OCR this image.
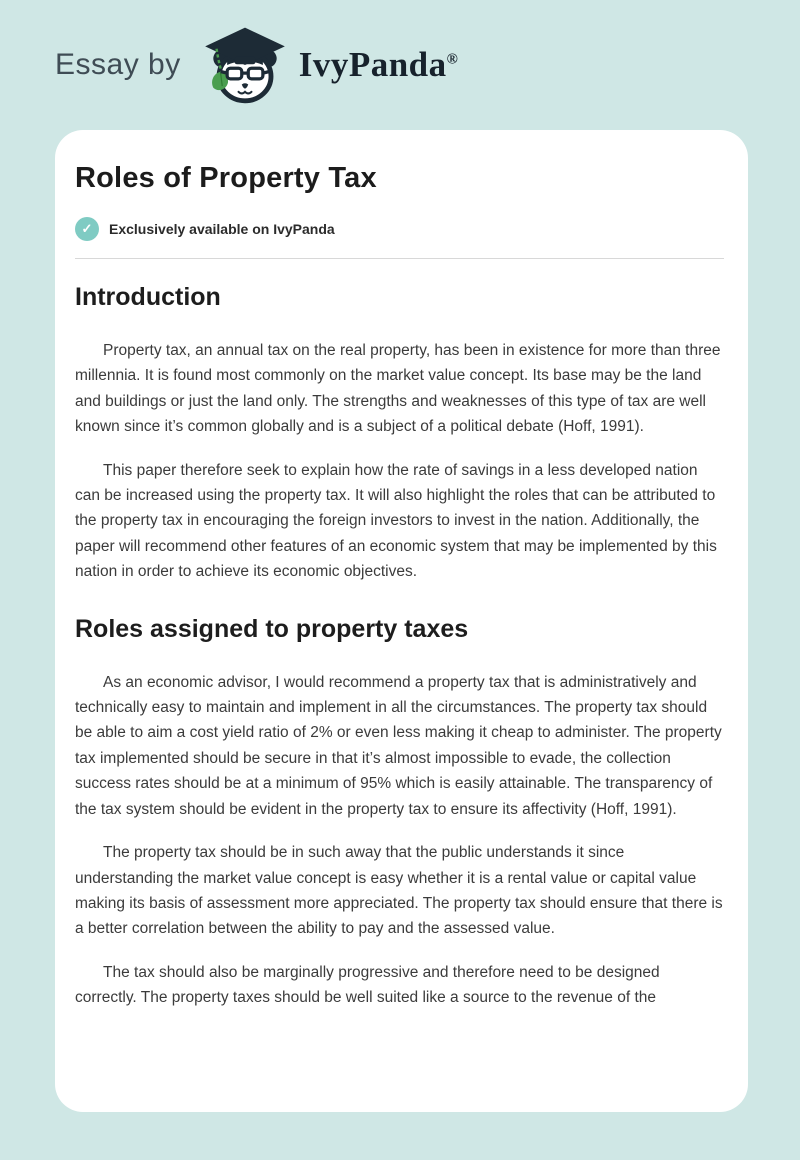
Essay by	IvyPanda®
Roles of Property Tax
✓	Exclusively available on IvyPanda
Introduction

Property tax, an annual tax on the real property, has been in existence for more than three millennia. It is found most commonly on the market value concept. Its base may be the land and buildings or just the land only. The strengths and weaknesses of this type of tax are well known since it’s common globally and is a subject of a political debate (Hoff, 1991).

This paper therefore seek to explain how the rate of savings in a less developed nation can be increased using the property tax. It will also highlight the roles that can be attributed to the property tax in encouraging the foreign investors to invest in the nation. Additionally, the paper will recommend other features of an economic system that may be implemented by this nation in order to achieve its economic objectives.

Roles assigned to property taxes

As an economic advisor, I would recommend a property tax that is administratively and technically easy to maintain and implement in all the circumstances. The property tax should be able to aim a cost yield ratio of 2% or even less making it cheap to administer. The property tax implemented should be secure in that it’s almost impossible to evade, the collection success rates should be at a minimum of 95% which is easily attainable. The transparency of the tax system should be evident in the property tax to ensure its affectivity (Hoff, 1991).

The property tax should be in such away that the public understands it since understanding the market value concept is easy whether it is a rental value or capital value making its basis of assessment more appreciated. The property tax should ensure that there is a better correlation between the ability to pay and the assessed value.

The tax should also be marginally progressive and therefore need to be designed correctly. The property taxes should be well suited like a source to the revenue of the
